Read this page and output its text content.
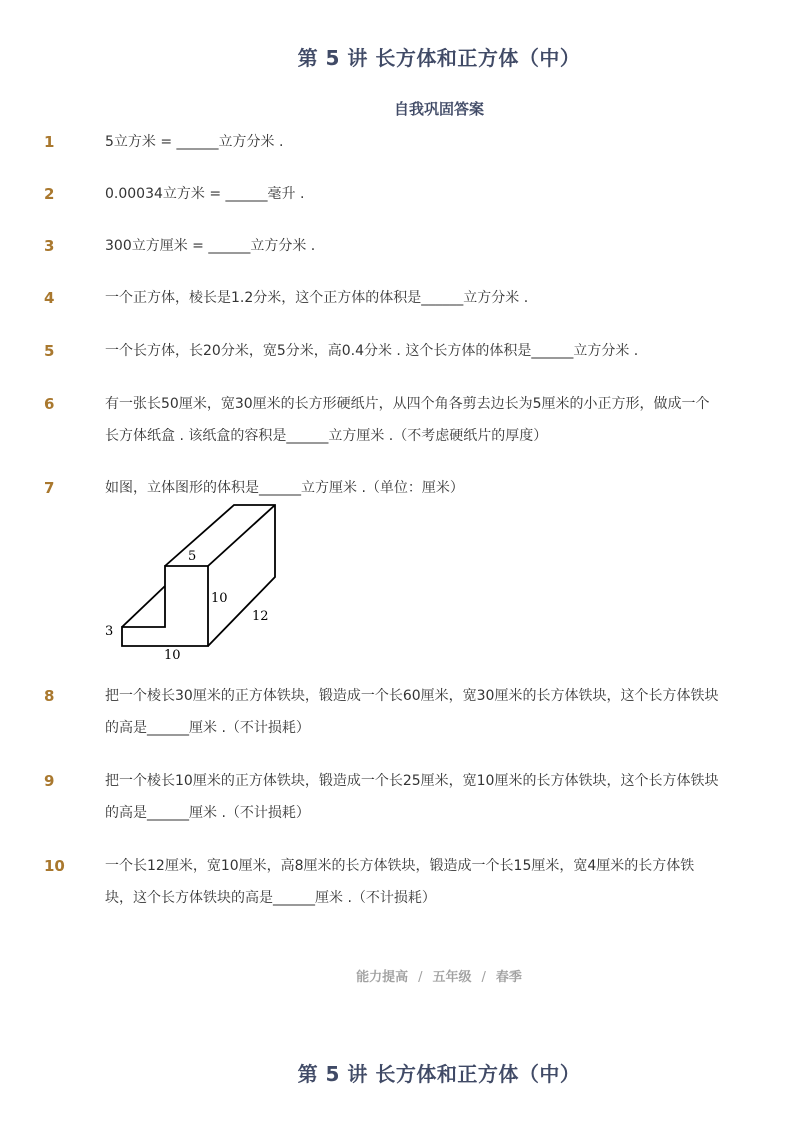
第 5 讲 长方体和正方体（中）
自我巩固答案
1	5立方米 = ______立方分米 .
2	0.00034立方米 = ______毫升 .
3	300立方厘米 = ______立方分米 .
4	一个正方体，棱长是1.2分米，这个正方体的体积是______立方分米 .
5	一个长方体，长20分米，宽5分米，高0.4分米 . 这个长方体的体积是______立方分米 .
6	有一张长50厘米，宽30厘米的长方形硬纸片，从四个角各剪去边长为5厘米的小正方形，做成一个长方体纸盒 . 该纸盒的容积是______立方厘米 .（不考虑硬纸片的厚度）
7	如图，立体图形的体积是______立方厘米 .（单位：厘米）
5
10
12
3
10
8	把一个棱长30厘米的正方体铁块，锻造成一个长60厘米，宽30厘米的长方体铁块，这个长方体铁块的高是______厘米 .（不计损耗）
9	把一个棱长10厘米的正方体铁块，锻造成一个长25厘米，宽10厘米的长方体铁块，这个长方体铁块的高是______厘米 .（不计损耗）
10	一个长12厘米，宽10厘米，高8厘米的长方体铁块，锻造成一个长15厘米，宽4厘米的长方体铁块，这个长方体铁块的高是______厘米 .（不计损耗）
能力提高 / 五年级 / 春季
第 5 讲 长方体和正方体（中）
